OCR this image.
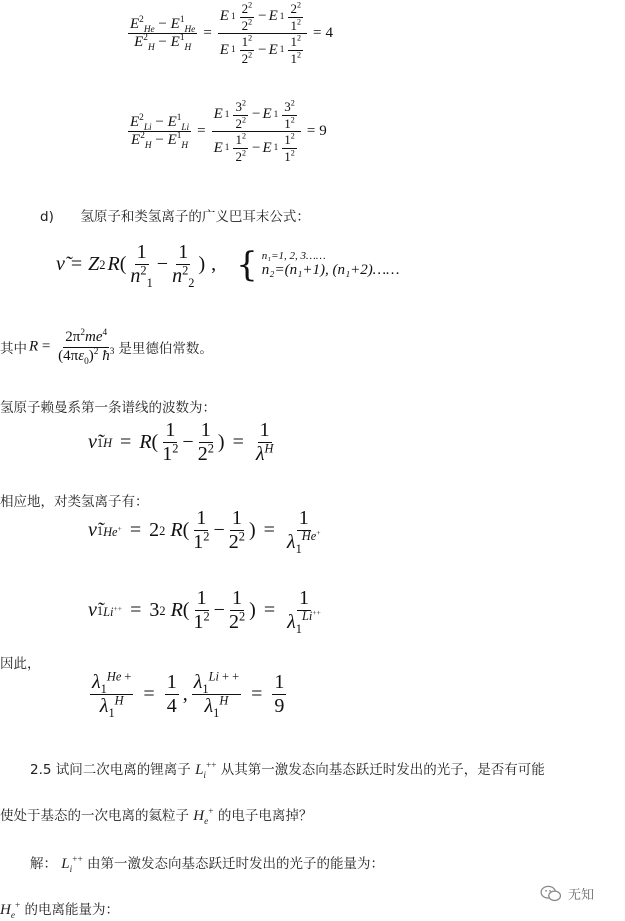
$\frac{E^2_{He} - E^1_{He}}{E^2_H - E^1_H} = \frac{E 1 \frac{2^2}{2^2} - E 1 \frac{2^2}{1^2}}{E 1 \frac{1^2}{2^2} - E 1 \frac{1^2}{1^2}} = 4$
$\frac{E^2_{Li} - E^1_{Li}}{E^2_H - E^1_H} = \frac{E 1 \frac{3^2}{2^2} - E 1 \frac{3^2}{1^2}}{E 1 \frac{1^2}{2^2} - E 1 \frac{1^2}{1^2}} = 9$
d) 氢原子和类氢离子的广义巴耳末公式：
ν̃ = Z 2 R ( $\frac{1}{n^2_1} - \frac{1}{n^2_2}$ ) , { n₁=1, 2, 3……
n₂=(n₁+1), (n₁+2)……
其中 $R = \frac{2\pi^2me^4}{(4\pi\varepsilon_0)^2 ħ^3}$ 是里德伯常数。
氢原子赖曼系第一条谱线的波数为：
ν̃ 1 H = R ( $\frac{1}{1^2} - \frac{1}{2^2}$ ) = $\frac{1}{\lambda^H}$
相应地，对类氢离子有：
ν̃ 1 He+ = 2 2
R ( $\frac{1}{1^2} - \frac{1}{2^2}$ ) = $\frac{1}{\lambda_1^{He^+}}$
ν̃ 1 Li++ = 3 2
R ( $\frac{1}{1^2} - \frac{1}{2^2}$ ) = $\frac{1}{\lambda_1^{Li^{++}}}$
因此，
$\frac{\lambda_1^{He +}}{\lambda_1^H} = \frac{1}{4}$ , $\frac{\lambda_1^{Li + +}}{\lambda_1^H} = \frac{1}{9}$
2.5 试问二次电离的锂离子 $L_i^{++}$ 从其第一激发态向基态跃迁时发出的光子，是否有可能
使处于基态的一次电离的氦粒子 $H_e^+$ 的电子电离掉？
解： $L_i^{++}$ 由第一激发态向基态跃迁时发出的光子的能量为：
$H_e^+$ 的电离能量为：
无知
